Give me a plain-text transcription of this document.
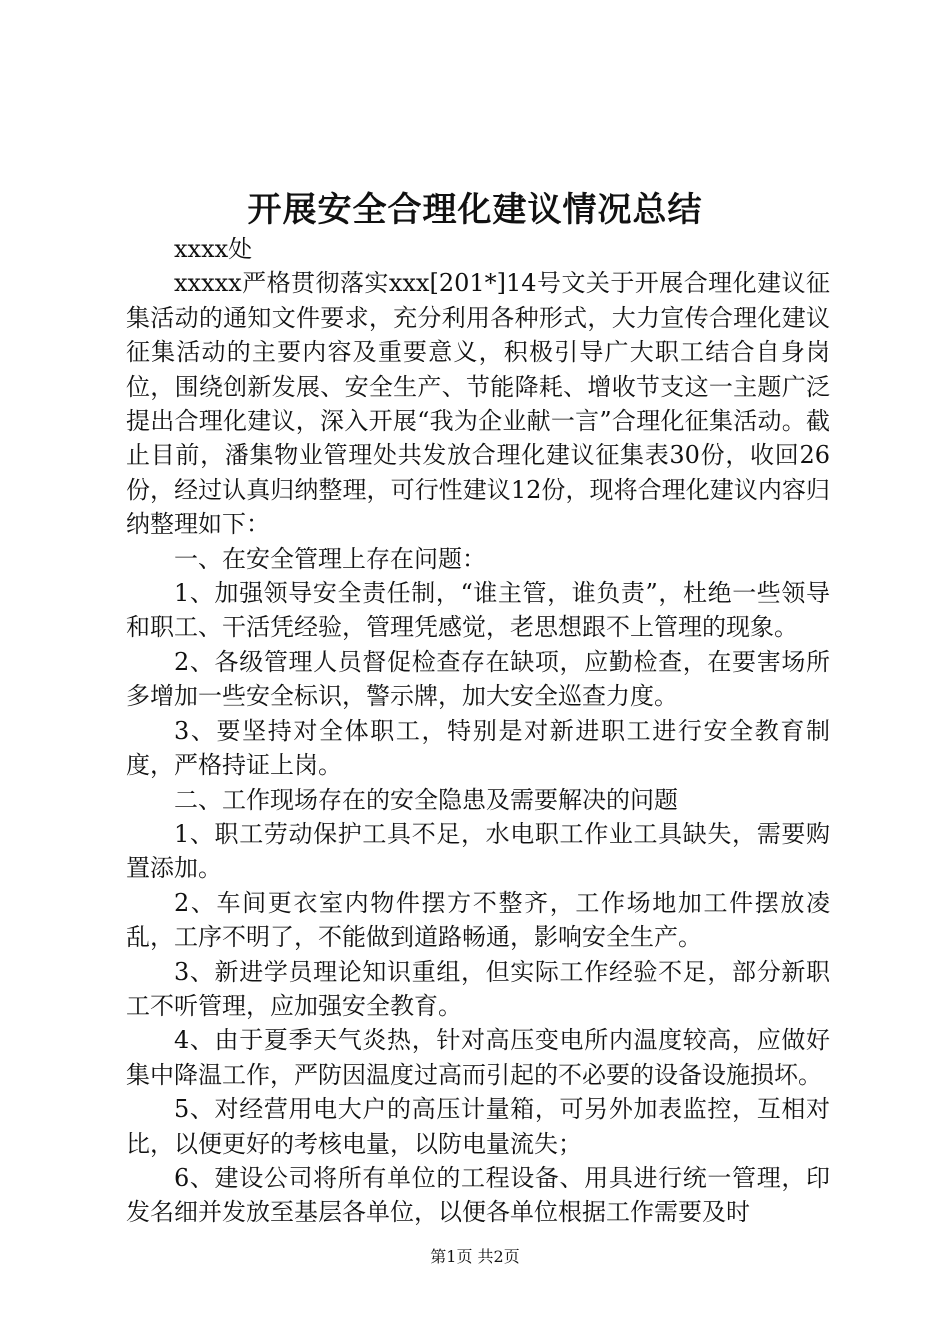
开展安全合理化建议情况总结

xxxx处

xxxxx严格贯彻落实xxx[201*]14号文关于开展合理化建议征集活动的通知文件要求，充分利用各种形式，大力宣传合理化建议征集活动的主要内容及重要意义，积极引导广大职工结合自身岗位，围绕创新发展、安全生产、节能降耗、增收节支这一主题广泛提出合理化建议，深入开展“我为企业献一言”合理化征集活动。截止目前，潘集物业管理处共发放合理化建议征集表30份，收回26份，经过认真归纳整理，可行性建议12份，现将合理化建议内容归纳整理如下：

一、在安全管理上存在问题：

1、加强领导安全责任制，“谁主管，谁负责”，杜绝一些领导和职工、干活凭经验，管理凭感觉，老思想跟不上管理的现象。

2、各级管理人员督促检查存在缺项，应勤检查，在要害场所多增加一些安全标识，警示牌，加大安全巡查力度。

3、要坚持对全体职工，特别是对新进职工进行安全教育制度，严格持证上岗。

二、工作现场存在的安全隐患及需要解决的问题

1、职工劳动保护工具不足，水电职工作业工具缺失，需要购置添加。

2、车间更衣室内物件摆方不整齐，工作场地加工件摆放凌乱，工序不明了，不能做到道路畅通，影响安全生产。

3、新进学员理论知识重组，但实际工作经验不足，部分新职工不听管理，应加强安全教育。

4、由于夏季天气炎热，针对高压变电所内温度较高，应做好集中降温工作，严防因温度过高而引起的不必要的设备设施损坏。

5、对经营用电大户的高压计量箱，可另外加表监控，互相对比，以便更好的考核电量，以防电量流失；

6、建设公司将所有单位的工程设备、用具进行统一管理，印发名细并发放至基层各单位，以便各单位根据工作需要及时

第1页 共2页
